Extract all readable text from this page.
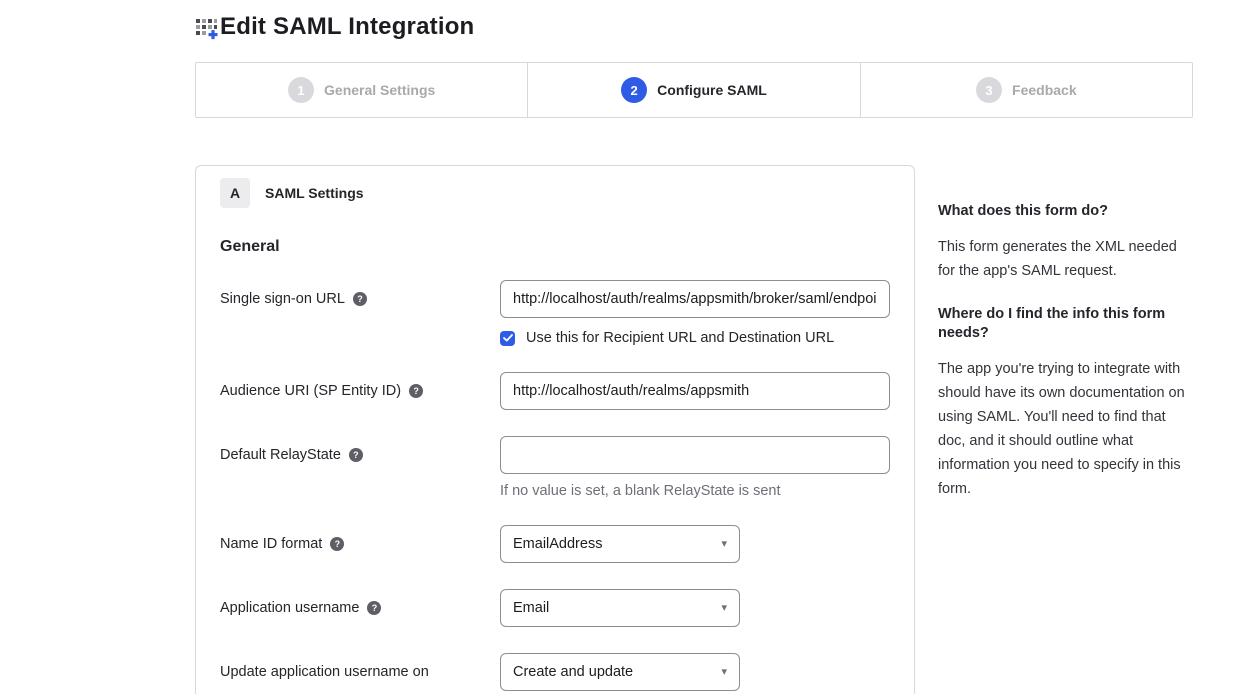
Edit SAML Integration
1	General Settings	2	Configure SAML	3	Feedback
A	SAML Settings
General
Single sign-on URL	?
http://localhost/auth/realms/appsmith/broker/saml/endpoint
Use this for Recipient URL and Destination URL
Audience URI (SP Entity ID)	?
http://localhost/auth/realms/appsmith
Default RelayState	?
If no value is set, a blank RelayState is sent
Name ID format	?	EmailAddress	▾
Application username	?	Email	▾
Update application username on	Create and update	▾
What does this form do?
This form generates the XML needed for the app's SAML request.
Where do I find the info this form needs?
The app you're trying to integrate with should have its own documentation on using SAML. You'll need to find that doc, and it should outline what information you need to specify in this form.
